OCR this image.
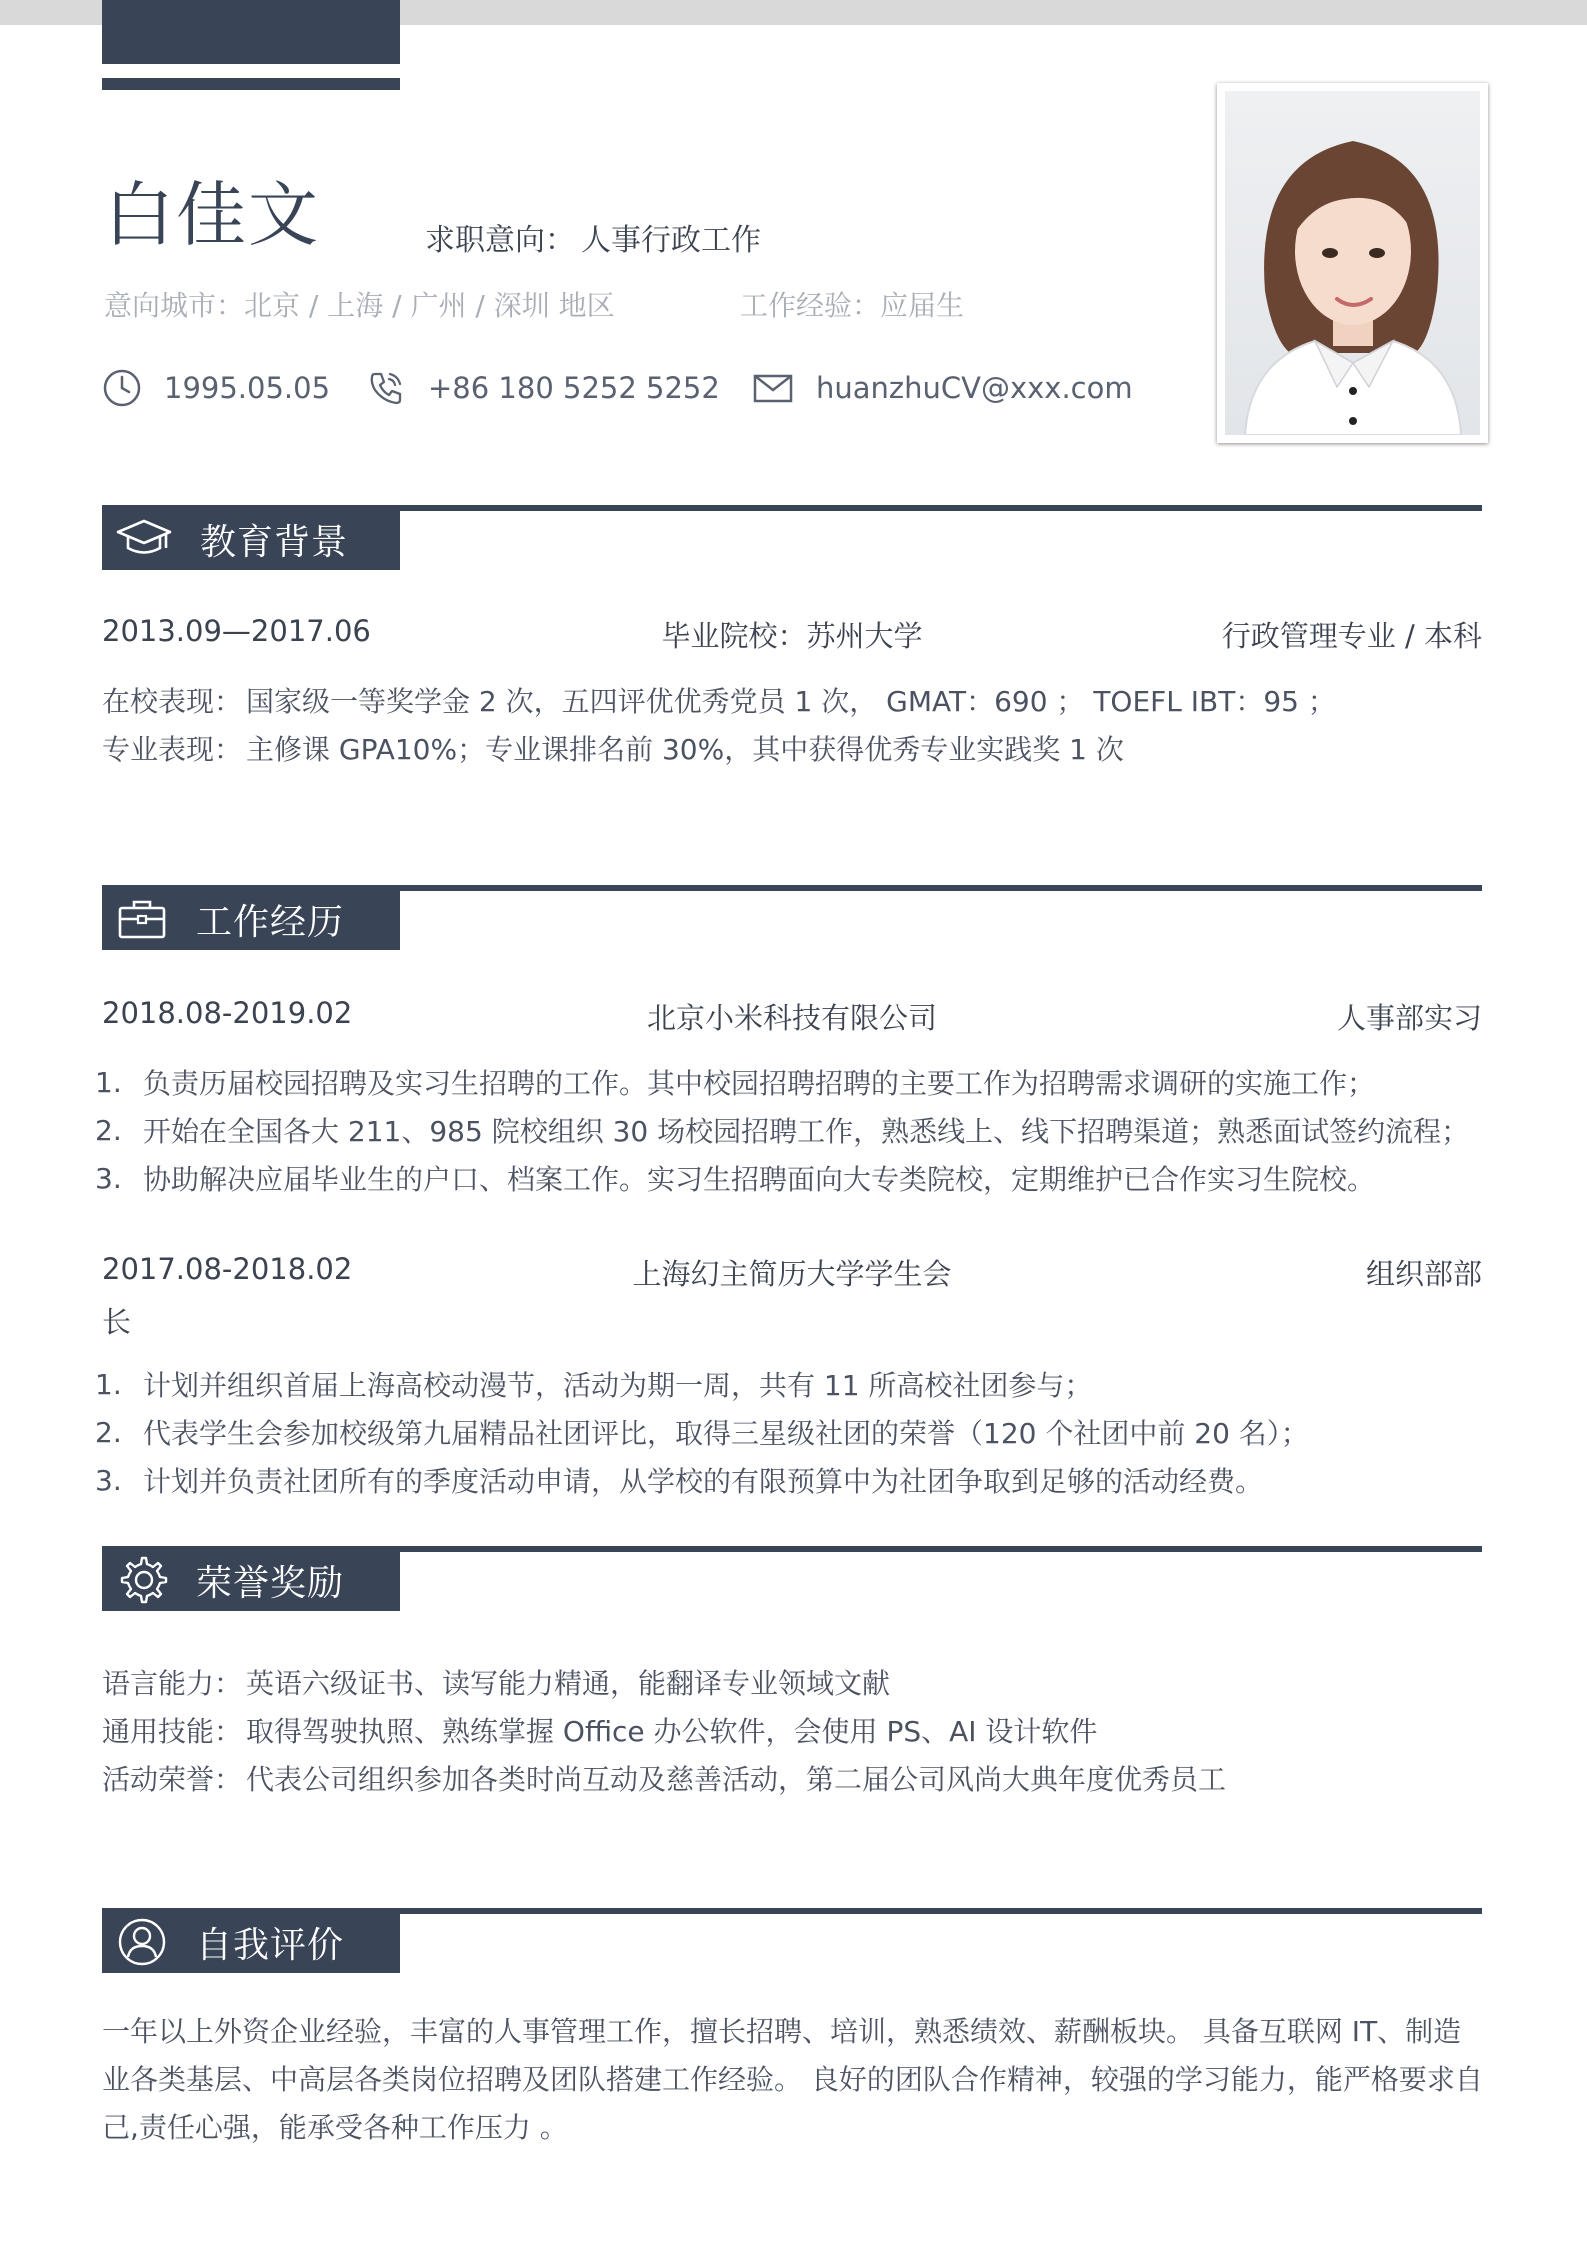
白佳文	求职意向： 人事行政工作
意向城市：北京 / 上海 / 广州 / 深圳 地区	工作经验：应届生
1995.05.05	+86 180 5252 5252	huanzhuCV@xxx.com
教育背景
2013.09—2017.06	毕业院校：苏州大学	行政管理专业 / 本科
在校表现： 国家级一等奖学金 2 次，五四评优优秀党员 1 次， GMAT：690 ； TOEFL IBT：95 ；
专业表现： 主修课 GPA10%；专业课排名前 30%，其中获得优秀专业实践奖 1 次
工作经历
2018.08-2019.02	北京小米科技有限公司	人事部实习
1. 负责历届校园招聘及实习生招聘的工作。其中校园招聘招聘的主要工作为招聘需求调研的实施工作；
2. 开始在全国各大 211、985 院校组织 30 场校园招聘工作，熟悉线上、线下招聘渠道；熟悉面试签约流程；
3. 协助解决应届毕业生的户口、档案工作。实习生招聘面向大专类院校，定期维护已合作实习生院校。
2017.08-2018.02	上海幻主简历大学学生会	组织部部
长
1. 计划并组织首届上海高校动漫节，活动为期一周，共有 11 所高校社团参与；
2. 代表学生会参加校级第九届精品社团评比，取得三星级社团的荣誉（120 个社团中前 20 名）；
3. 计划并负责社团所有的季度活动申请，从学校的有限预算中为社团争取到足够的活动经费。
荣誉奖励
语言能力： 英语六级证书、读写能力精通，能翻译专业领域文献
通用技能： 取得驾驶执照、熟练掌握 Office 办公软件，会使用 PS、AI 设计软件
活动荣誉： 代表公司组织参加各类时尚互动及慈善活动，第二届公司风尚大典年度优秀员工
自我评价
一年以上外资企业经验，丰富的人事管理工作，擅长招聘、培训，熟悉绩效、薪酬板块。 具备互联网 IT、制造业各类基层、中高层各类岗位招聘及团队搭建工作经验。 良好的团队合作精神，较强的学习能力，能严格要求自己,责任心强，能承受各种工作压力 。
